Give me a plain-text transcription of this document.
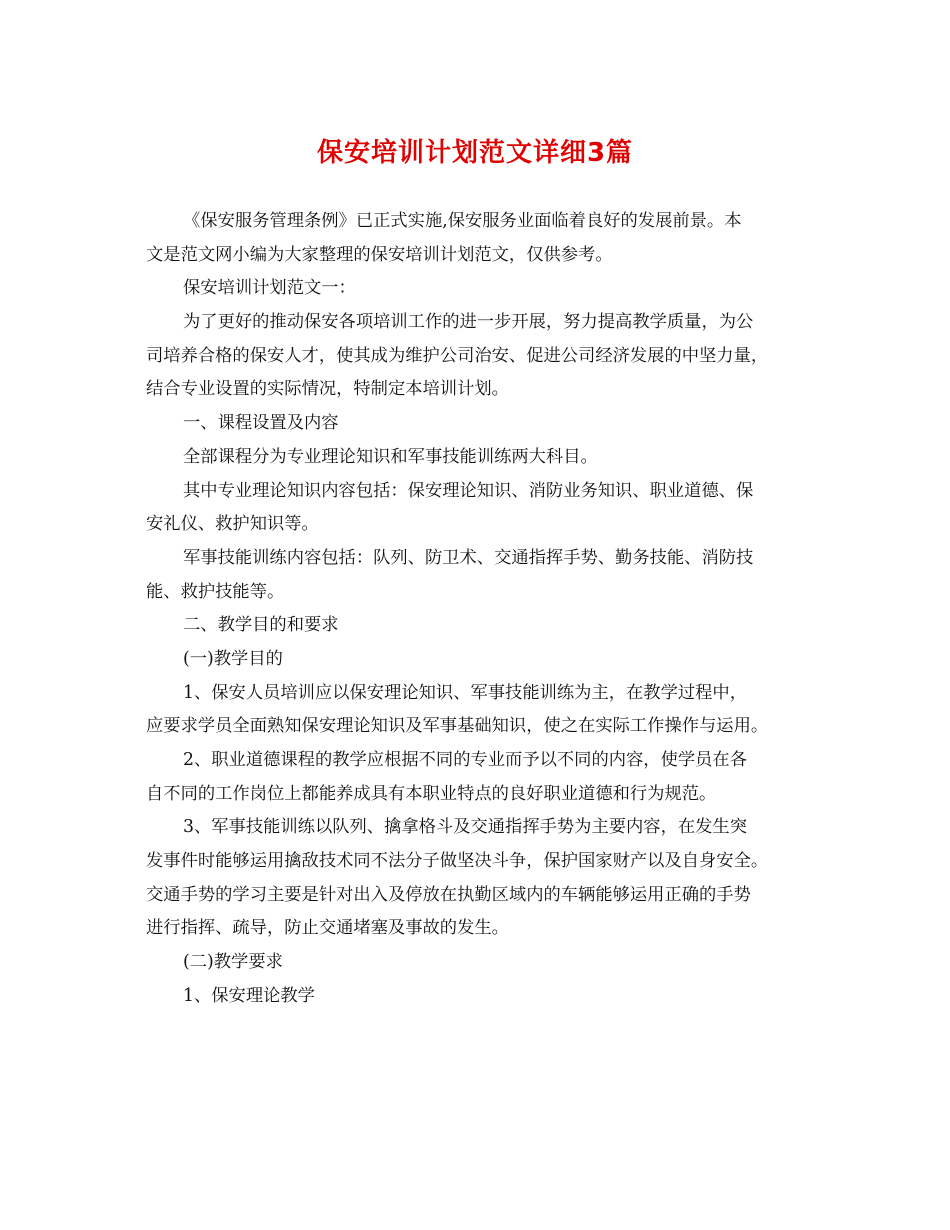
保安培训计划范文详细3篇
《保安服务管理条例》已正式实施,保安服务业面临着良好的发展前景。本
文是范文网小编为大家整理的保安培训计划范文，仅供参考。
保安培训计划范文一：
为了更好的推动保安各项培训工作的进一步开展，努力提高教学质量，为公
司培养合格的保安人才，使其成为维护公司治安、促进公司经济发展的中坚力量，
结合专业设置的实际情况，特制定本培训计划。
一、课程设置及内容
全部课程分为专业理论知识和军事技能训练两大科目。
其中专业理论知识内容包括：保安理论知识、消防业务知识、职业道德、保
安礼仪、救护知识等。
军事技能训练内容包括：队列、防卫术、交通指挥手势、勤务技能、消防技
能、救护技能等。
二、教学目的和要求
(一)教学目的
1、保安人员培训应以保安理论知识、军事技能训练为主，在教学过程中，
应要求学员全面熟知保安理论知识及军事基础知识，使之在实际工作操作与运用。
2、职业道德课程的教学应根据不同的专业而予以不同的内容，使学员在各
自不同的工作岗位上都能养成具有本职业特点的良好职业道德和行为规范。
3、军事技能训练以队列、擒拿格斗及交通指挥手势为主要内容，在发生突
发事件时能够运用擒敌技术同不法分子做坚决斗争，保护国家财产以及自身安全。
交通手势的学习主要是针对出入及停放在执勤区域内的车辆能够运用正确的手势
进行指挥、疏导，防止交通堵塞及事故的发生。
(二)教学要求
1、保安理论教学
